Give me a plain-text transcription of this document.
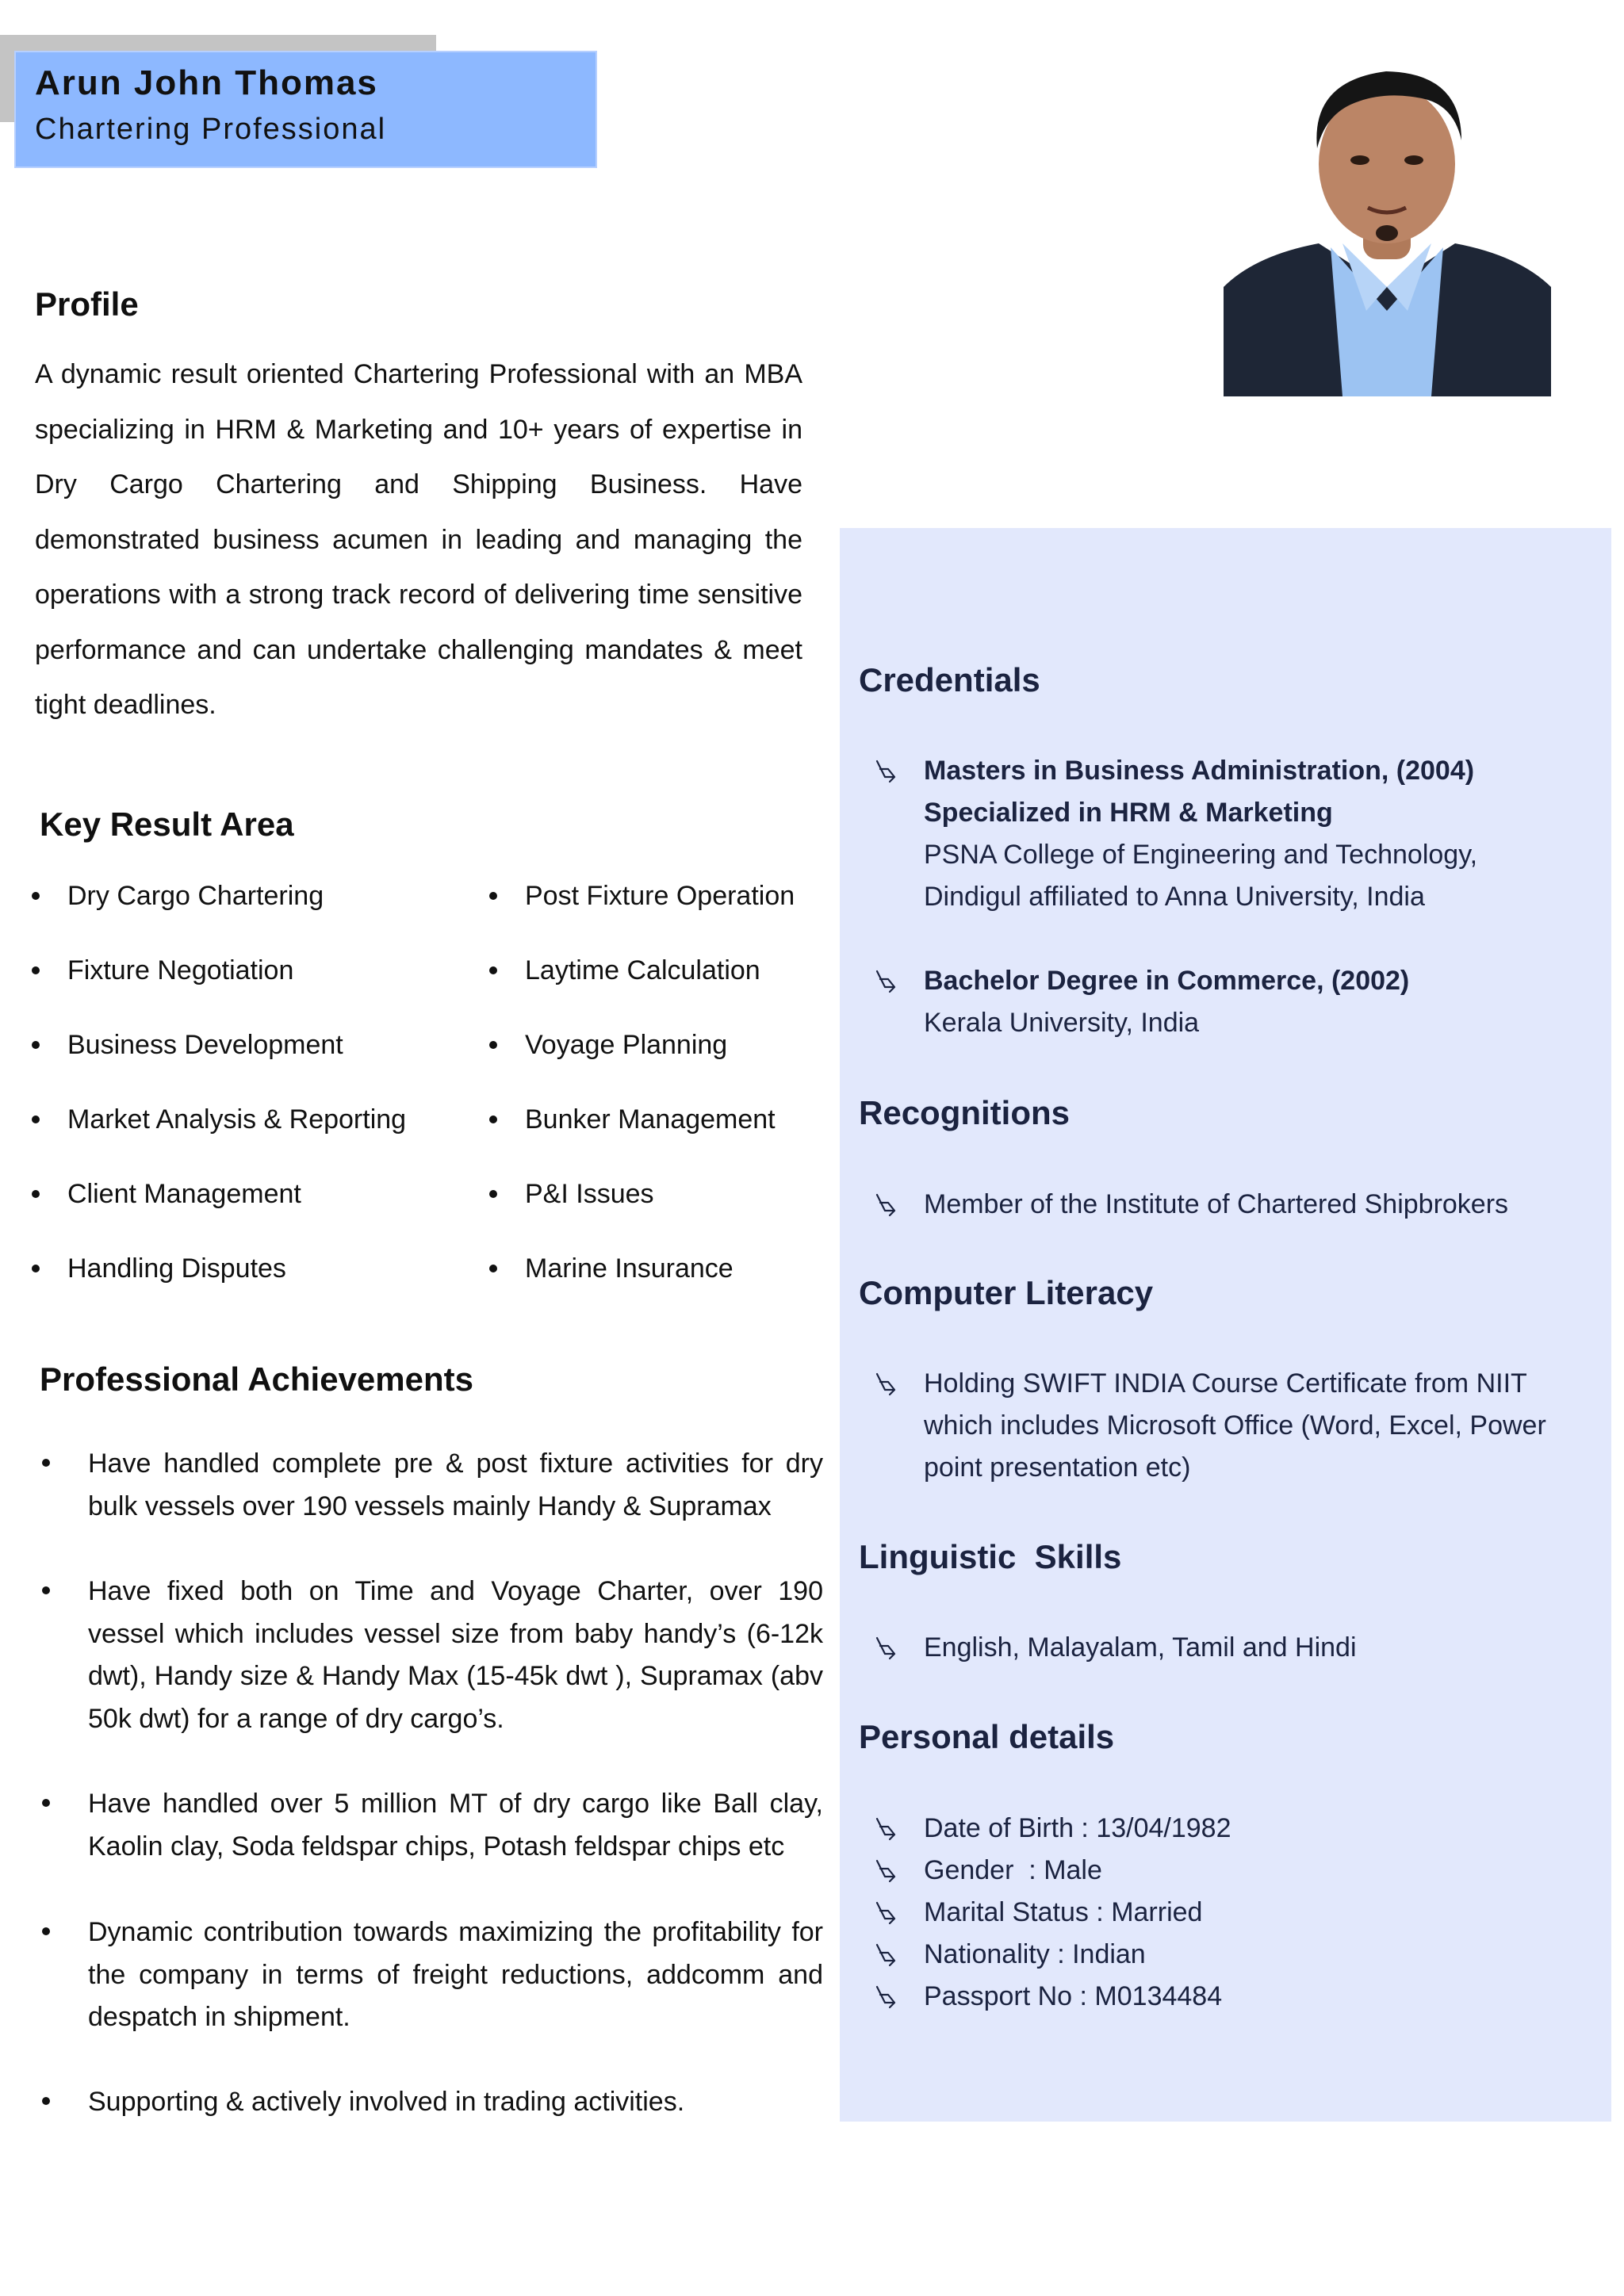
Arun John Thomas
Chartering Professional
Profile
A dynamic result oriented Chartering Professional with an MBA specializing in HRM & Marketing and 10+ years of expertise in Dry Cargo Chartering and Shipping Business. Have demonstrated business acumen in leading and managing the operations with a strong track record of delivering time sensitive performance and can undertake challenging mandates & meet tight deadlines.
Key Result Area
Dry Cargo Chartering
Fixture Negotiation
Business Development
Market Analysis & Reporting
Client Management
Handling Disputes
Post Fixture Operation
Laytime Calculation
Voyage Planning
Bunker Management
P&I Issues
Marine Insurance
Professional Achievements
Have handled complete pre & post fixture activities for dry bulk vessels over 190 vessels mainly Handy & Supramax
Have fixed both on Time and Voyage Charter, over 190 vessel which includes vessel size from baby handy’s (6-12k dwt), Handy size & Handy Max (15-45k dwt ), Supramax (abv 50k dwt) for a range of dry cargo’s.
Have handled over 5 million MT of dry cargo like Ball clay, Kaolin clay, Soda feldspar chips, Potash feldspar chips etc
Dynamic contribution towards maximizing the profitability for the company in terms of freight reductions, addcomm and despatch in shipment.
Supporting & actively involved in trading activities.
Credentials
Masters in Business Administration, (2004)
Specialized in HRM & Marketing
PSNA College of Engineering and Technology,
Dindigul affiliated to Anna University, India
Bachelor Degree in Commerce, (2002)
Kerala University, India
Recognitions
Member of the Institute of Chartered Shipbrokers
Computer Literacy
Holding SWIFT INDIA Course Certificate from NIIT
which includes Microsoft Office (Word, Excel, Power
point presentation etc)
Linguistic  Skills
English, Malayalam, Tamil and Hindi
Personal details
Date of Birth : 13/04/1982
Gender  : Male
Marital Status : Married
Nationality : Indian
Passport No : M0134484
